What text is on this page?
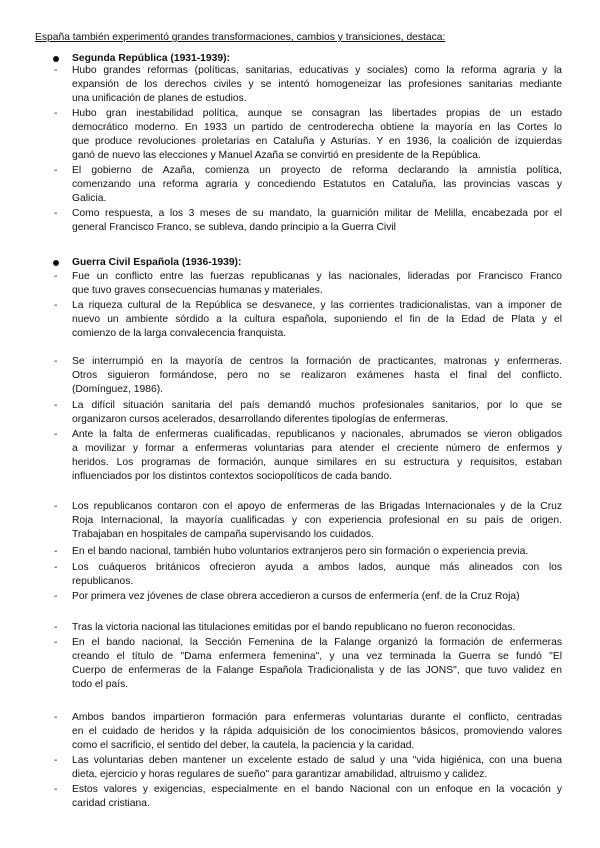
España también experimentó grandes transformaciones, cambios y transiciones, destaca:
Segunda República (1931-1939):
- Hubo grandes reformas (políticas, sanitarias, educativas y sociales) como la reforma agraria y la
expansión de los derechos civiles y se intentó homogeneizar las profesiones sanitarias mediante
una unificación de planes de estudios.
- Hubo gran inestabilidad política, aunque se consagran las libertades propias de un estado
democrático moderno. En 1933 un partido de centroderecha obtiene la mayoría en las Cortes lo
que produce revoluciones proletarias en Cataluña y Asturias. Y en 1936, la coalición de izquierdas
ganó de nuevo las elecciones y Manuel Azaña se convirtió en presidente de la República.
- El gobierno de Azaña, comienza un proyecto de reforma declarando la amnistía política,
comenzando una reforma agraria y concediendo Estatutos en Cataluña, las provincias vascas y
Galicia.
- Como respuesta, a los 3 meses de su mandato, la guarnición militar de Melilla, encabezada por el
general Francisco Franco, se subleva, dando principio a la Guerra Civil
Guerra Civil Española (1936-1939):
- Fue un conflicto entre las fuerzas republicanas y las nacionales, lideradas por Francisco Franco
que tuvo graves consecuencias humanas y materiales.
- La riqueza cultural de la República se desvanece, y las corrientes tradicionalistas, van a imponer de
nuevo un ambiente sórdido a la cultura española, suponiendo el fin de la Edad de Plata y el
comienzo de la larga convalecencia franquista.
- Se interrumpió en la mayoría de centros la formación de practicantes, matronas y enfermeras.
Otros siguieron formándose, pero no se realizaron exámenes hasta el final del conflicto.
(Domínguez, 1986).
- La difícil situación sanitaria del país demandó muchos profesionales sanitarios, por lo que se
organizaron cursos acelerados, desarrollando diferentes tipologías de enfermeras.
- Ante la falta de enfermeras cualificadas, republicanos y nacionales, abrumados se vieron obligados
a movilizar y formar a enfermeras voluntarias para atender el creciente número de enfermos y
heridos. Los programas de formación, aunque similares en su estructura y requisitos, estaban
influenciados por los distintos contextos sociopolíticos de cada bando.
- Los republicanos contaron con el apoyo de enfermeras de las Brigadas Internacionales y de la Cruz
Roja Internacional, la mayoría cualificadas y con experiencia profesional en su país de origen.
Trabajaban en hospitales de campaña supervisando los cuidados.
- En el bando nacional, también hubo voluntarios extranjeros pero sin formación o experiencia previa.
- Los cuáqueros británicos ofrecieron ayuda a ambos lados, aunque más alineados con los
republicanos.
- Por primera vez jóvenes de clase obrera accedieron a cursos de enfermería (enf. de la Cruz Roja)
- Tras la victoria nacional las titulaciones emitidas por el bando republicano no fueron reconocidas.
- En el bando nacional, la Sección Femenina de la Falange organizó la formación de enfermeras
creando el título de "Dama enfermera femenina", y una vez terminada la Guerra se fundó "El
Cuerpo de enfermeras de la Falange Española Tradicionalista y de las JONS", que tuvo validez en
todo el país.
- Ambos bandos impartieron formación para enfermeras voluntarias durante el conflicto, centradas
en el cuidado de heridos y la rápida adquisición de los conocimientos básicos, promoviendo valores
como el sacrificio, el sentido del deber, la cautela, la paciencia y la caridad.
- Las voluntarias deben mantener un excelente estado de salud y una "vida higiénica, con una buena
dieta, ejercicio y horas regulares de sueño" para garantizar amabilidad, altruismo y calidez.
- Estos valores y exigencias, especialmente en el bando Nacional con un enfoque en la vocación y
caridad cristiana.
